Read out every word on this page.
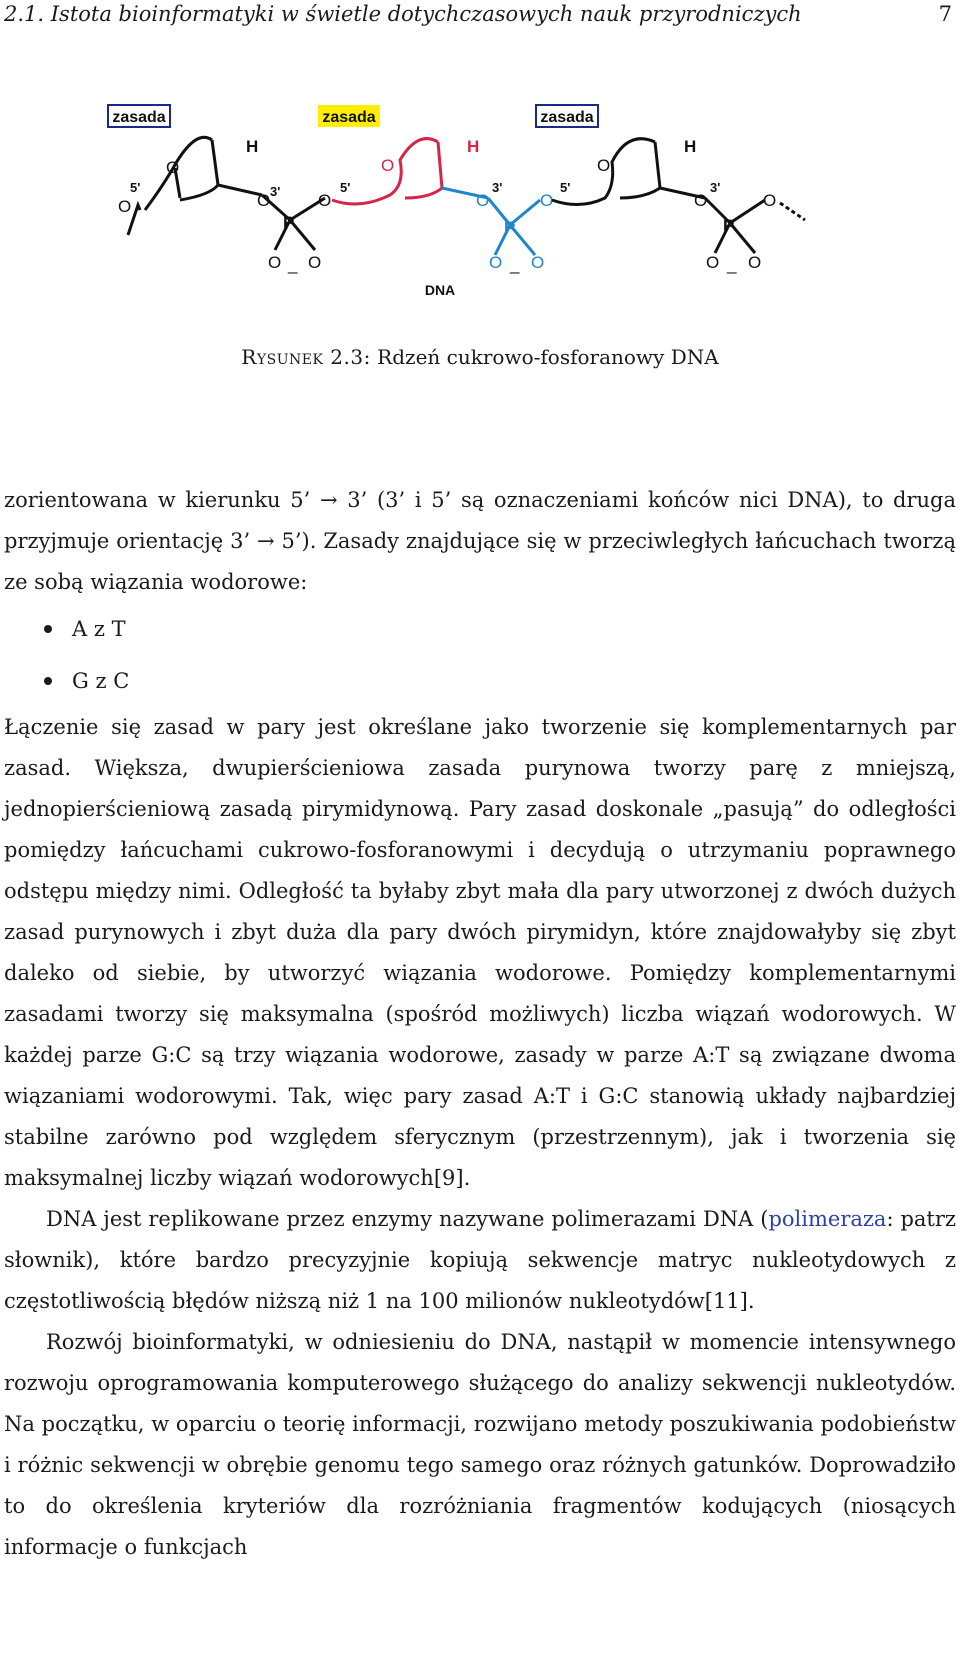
2.1. Istota bioinformatyki w świetle dotychczasowych nauk przyrodniczych	7
zasada
O
H
5'
O
3'
O
P
O _ O
O
5'
zasada
O
H
3'
O
P
O _ O
O
5'
DNA
zasada
O
H
3'
O
P
O _ O
O
Rysunek 2.3: Rdzeń cukrowo-fosforanowy DNA

zorientowana w kierunku 5’ → 3’ (3’ i 5’ są oznaczeniami końców nici DNA), to druga przyjmuje orientację 3’ → 5’). Zasady znajdujące się w przeciwległych łańcuchach tworzą ze sobą wiązania wodorowe:

A z T
G z C

Łączenie się zasad w pary jest określane jako tworzenie się komplementarnych par zasad. Większa, dwupierścieniowa zasada purynowa tworzy parę z mniejszą, jednopierścieniową zasadą pirymidynową. Pary zasad doskonale „pasują” do odległości pomiędzy łańcuchami cukrowo-fosforanowymi i decydują o utrzymaniu poprawnego odstępu między nimi. Odległość ta byłaby zbyt mała dla pary utworzonej z dwóch dużych zasad purynowych i zbyt duża dla pary dwóch pirymidyn, które znajdowałyby się zbyt daleko od siebie, by utworzyć wiązania wodorowe. Pomiędzy komplementarnymi zasadami tworzy się maksymalna (spośród możliwych) liczba wiązań wodorowych. W każdej parze G:C są trzy wiązania wodorowe, zasady w parze A:T są związane dwoma wiązaniami wodorowymi. Tak, więc pary zasad A:T i G:C stanowią układy najbardziej stabilne zarówno pod względem sferycznym (przestrzennym), jak i tworzenia się maksymalnej liczby wiązań wodorowych[9].

DNA jest replikowane przez enzymy nazywane polimerazami DNA (polimeraza: patrz słownik), które bardzo precyzyjnie kopiują sekwencje matryc nukleotydowych z częstotliwością błędów niższą niż 1 na 100 milionów nukleotydów[11].

Rozwój bioinformatyki, w odniesieniu do DNA, nastąpił w momencie intensywnego rozwoju oprogramowania komputerowego służącego do analizy sekwencji nukleotydów. Na początku, w oparciu o teorię informacji, rozwijano metody poszukiwania podobieństw i różnic sekwencji w obrębie genomu tego samego oraz różnych gatunków. Doprowadziło to do określenia kryteriów dla rozróżniania fragmentów kodujących (niosących informacje o funkcjach
